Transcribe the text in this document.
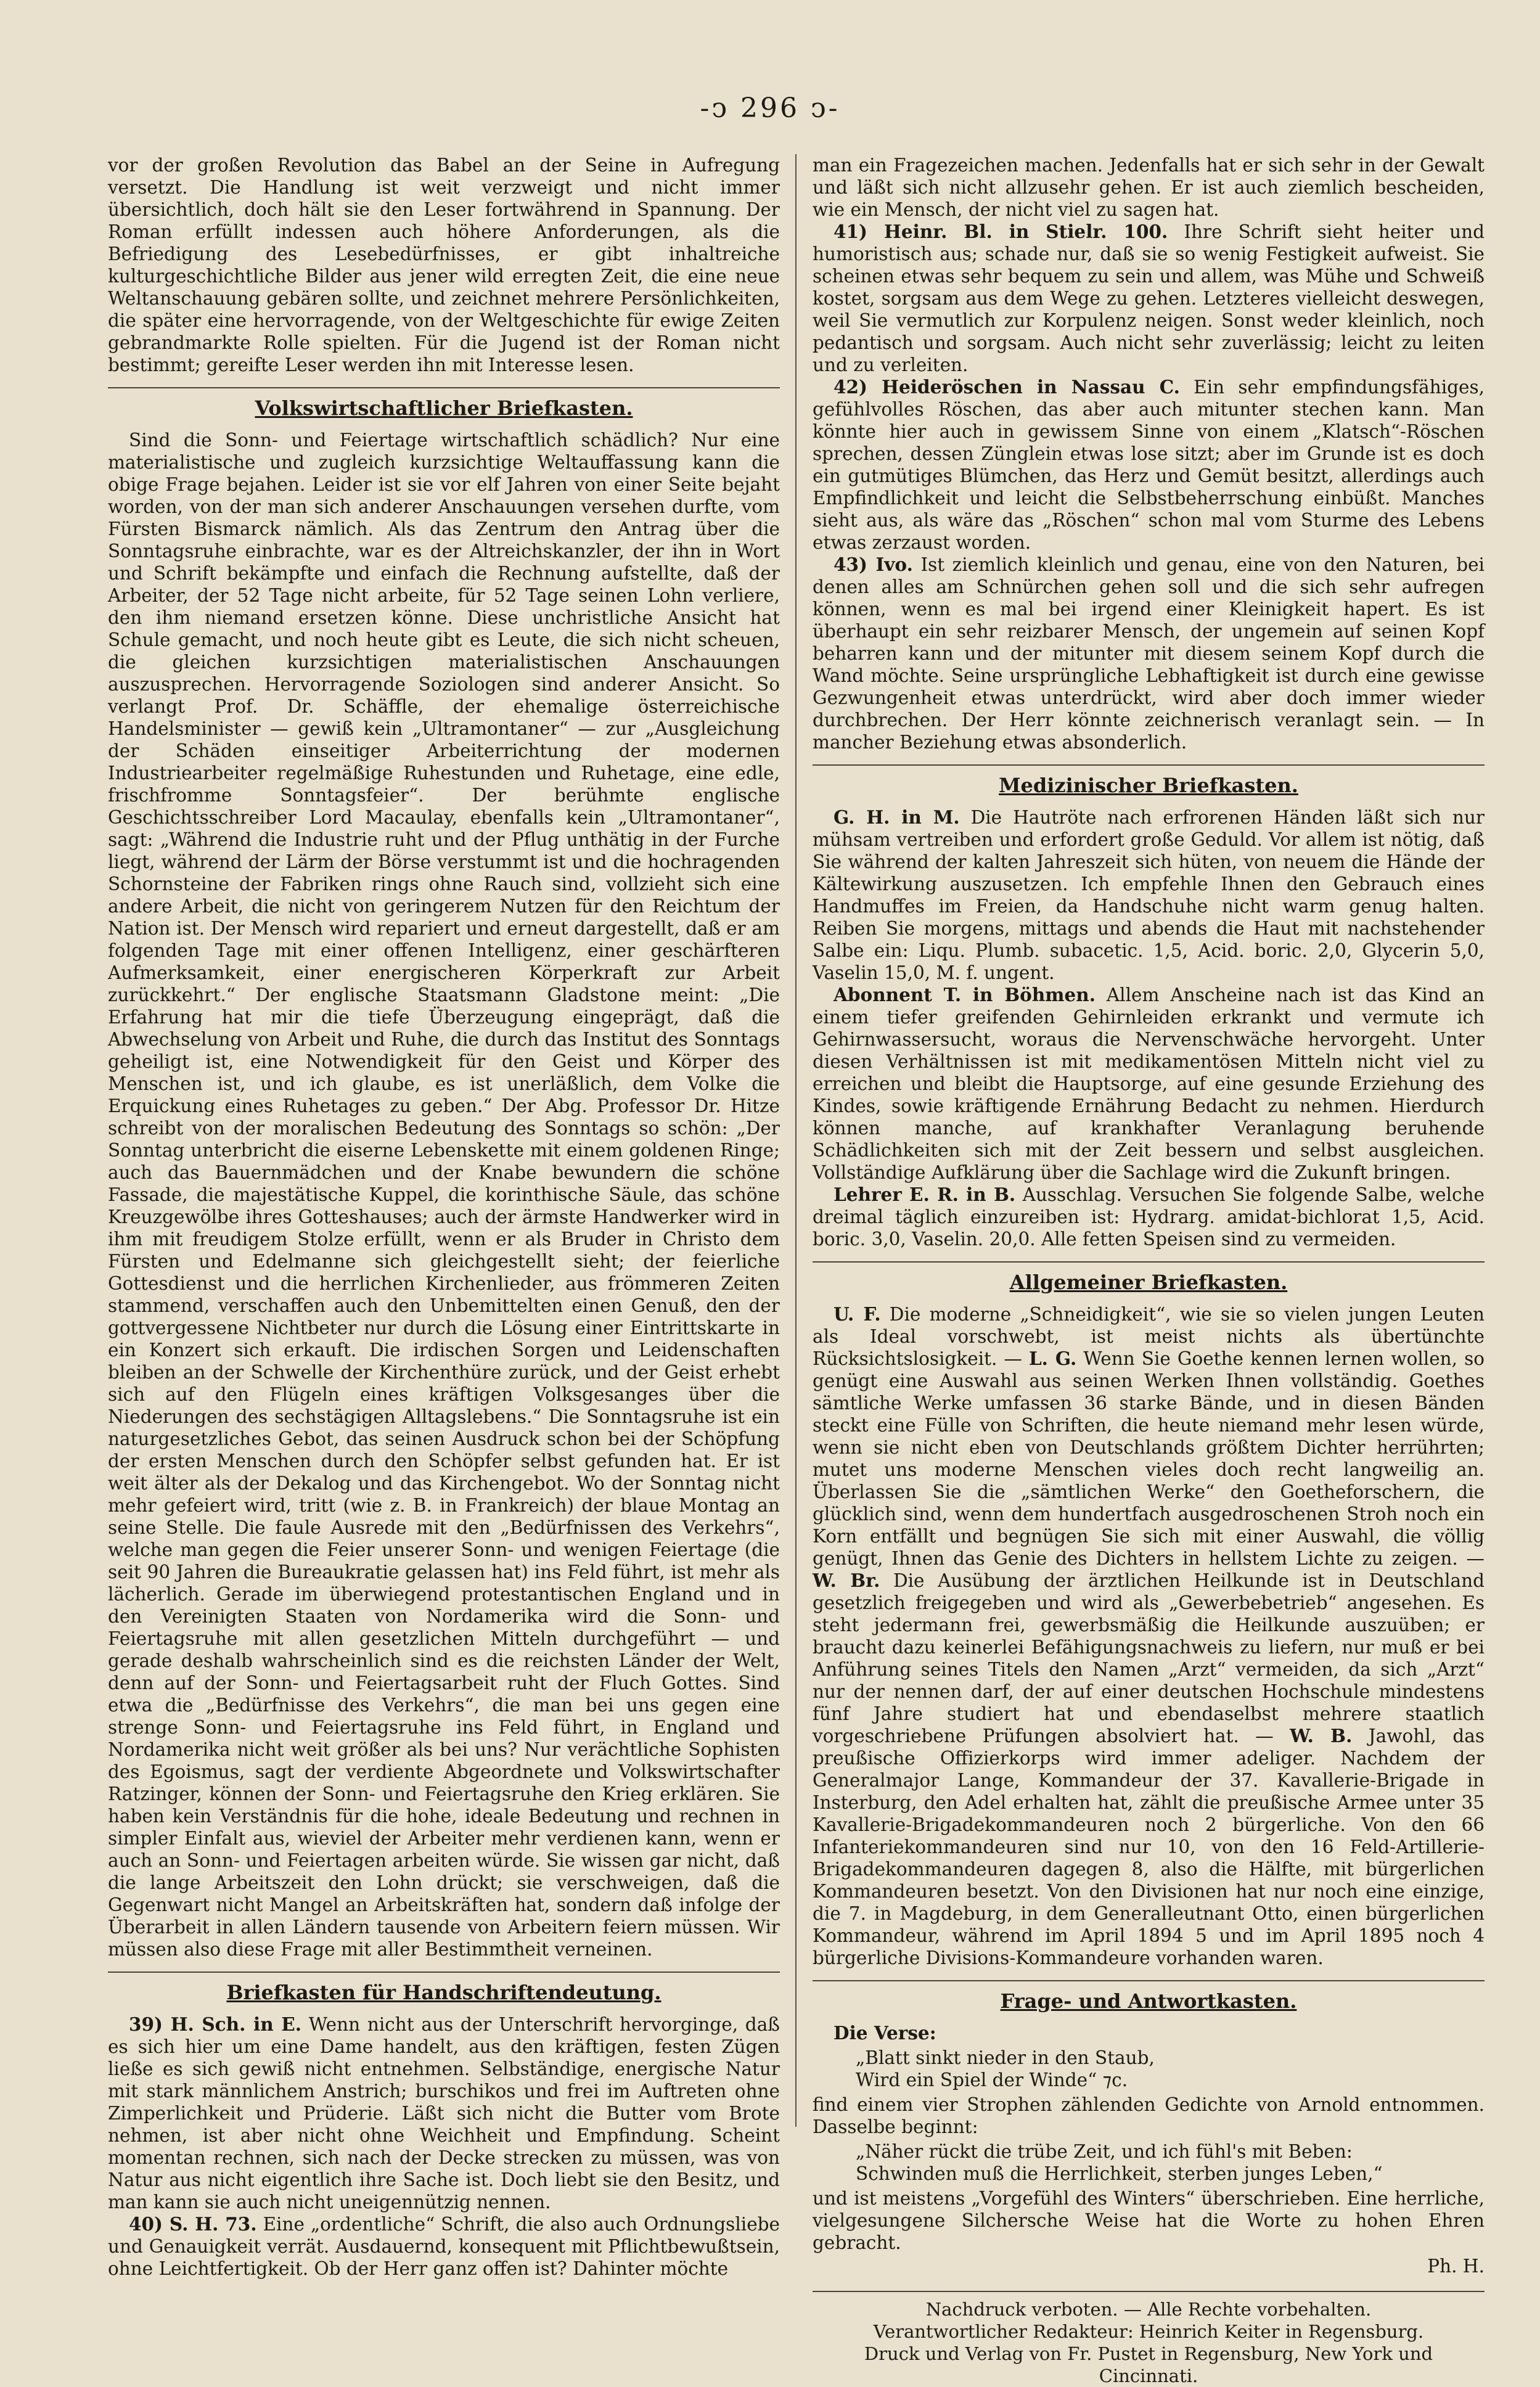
-ↄ 296 ↄ-

vor der großen Revolution das Babel an der Seine in Aufregung versetzt. Die Handlung ist weit verzweigt und nicht immer übersichtlich, doch hält sie den Leser fortwährend in Spannung. Der Roman erfüllt indessen auch höhere Anforderungen, als die Befriedigung des Lesebedürfnisses, er gibt inhaltreiche kulturgeschichtliche Bilder aus jener wild erregten Zeit, die eine neue Weltanschauung gebären sollte, und zeichnet mehrere Persönlichkeiten, die später eine hervorragende, von der Weltgeschichte für ewige Zeiten gebrandmarkte Rolle spielten. Für die Jugend ist der Roman nicht bestimmt; gereifte Leser werden ihn mit Interesse lesen.

Volkswirtschaftlicher Briefkasten.

Sind die Sonn- und Feiertage wirtschaftlich schädlich? Nur eine materialistische und zugleich kurzsichtige Weltauffassung kann die obige Frage bejahen. Leider ist sie vor elf Jahren von einer Seite bejaht worden, von der man sich anderer Anschauungen versehen durfte, vom Fürsten Bismarck nämlich. Als das Zentrum den Antrag über die Sonntagsruhe einbrachte, war es der Altreichskanzler, der ihn in Wort und Schrift bekämpfte und einfach die Rechnung aufstellte, daß der Arbeiter, der 52 Tage nicht arbeite, für 52 Tage seinen Lohn verliere, den ihm niemand ersetzen könne. Diese unchristliche Ansicht hat Schule gemacht, und noch heute gibt es Leute, die sich nicht scheuen, die gleichen kurzsichtigen materialistischen Anschauungen auszusprechen. Hervorragende Soziologen sind anderer Ansicht. So verlangt Prof. Dr. Schäffle, der ehemalige österreichische Handelsminister — gewiß kein „Ultramontaner“ — zur „Ausgleichung der Schäden einseitiger Arbeiterrichtung der modernen Industriearbeiter regelmäßige Ruhestunden und Ruhetage, eine edle, frischfromme Sonntagsfeier“. Der berühmte englische Geschichtsschreiber Lord Macaulay, ebenfalls kein „Ultramontaner“, sagt: „Während die Industrie ruht und der Pflug unthätig in der Furche liegt, während der Lärm der Börse verstummt ist und die hochragenden Schornsteine der Fabriken rings ohne Rauch sind, vollzieht sich eine andere Arbeit, die nicht von geringerem Nutzen für den Reichtum der Nation ist. Der Mensch wird repariert und erneut dargestellt, daß er am folgenden Tage mit einer offenen Intelligenz, einer geschärfteren Aufmerksamkeit, einer energischeren Körperkraft zur Arbeit zurückkehrt.“ Der englische Staatsmann Gladstone meint: „Die Erfahrung hat mir die tiefe Überzeugung eingeprägt, daß die Abwechselung von Arbeit und Ruhe, die durch das Institut des Sonntags geheiligt ist, eine Notwendigkeit für den Geist und Körper des Menschen ist, und ich glaube, es ist unerläßlich, dem Volke die Erquickung eines Ruhetages zu geben.“ Der Abg. Professor Dr. Hitze schreibt von der moralischen Bedeutung des Sonntags so schön: „Der Sonntag unterbricht die eiserne Lebenskette mit einem goldenen Ringe; auch das Bauernmädchen und der Knabe bewundern die schöne Fassade, die majestätische Kuppel, die korinthische Säule, das schöne Kreuzgewölbe ihres Gotteshauses; auch der ärmste Handwerker wird in ihm mit freudigem Stolze erfüllt, wenn er als Bruder in Christo dem Fürsten und Edelmanne sich gleichgestellt sieht; der feierliche Gottesdienst und die herrlichen Kirchenlieder, aus frömmeren Zeiten stammend, verschaffen auch den Unbemittelten einen Genuß, den der gottvergessene Nichtbeter nur durch die Lösung einer Eintrittskarte in ein Konzert sich erkauft. Die irdischen Sorgen und Leidenschaften bleiben an der Schwelle der Kirchenthüre zurück, und der Geist erhebt sich auf den Flügeln eines kräftigen Volksgesanges über die Niederungen des sechstägigen Alltagslebens.“ Die Sonntagsruhe ist ein naturgesetzliches Gebot, das seinen Ausdruck schon bei der Schöpfung der ersten Menschen durch den Schöpfer selbst gefunden hat. Er ist weit älter als der Dekalog und das Kirchengebot. Wo der Sonntag nicht mehr gefeiert wird, tritt (wie z. B. in Frankreich) der blaue Montag an seine Stelle. Die faule Ausrede mit den „Bedürfnissen des Verkehrs“, welche man gegen die Feier unserer Sonn- und wenigen Feiertage (die seit 90 Jahren die Bureaukratie gelassen hat) ins Feld führt, ist mehr als lächerlich. Gerade im überwiegend protestantischen England und in den Vereinigten Staaten von Nordamerika wird die Sonn- und Feiertagsruhe mit allen gesetzlichen Mitteln durchgeführt — und gerade deshalb wahrscheinlich sind es die reichsten Länder der Welt, denn auf der Sonn- und Feiertagsarbeit ruht der Fluch Gottes. Sind etwa die „Bedürfnisse des Verkehrs“, die man bei uns gegen eine strenge Sonn- und Feiertagsruhe ins Feld führt, in England und Nordamerika nicht weit größer als bei uns? Nur verächtliche Sophisten des Egoismus, sagt der verdiente Abgeordnete und Volkswirtschafter Ratzinger, können der Sonn- und Feiertagsruhe den Krieg erklären. Sie haben kein Verständnis für die hohe, ideale Bedeutung und rechnen in simpler Einfalt aus, wieviel der Arbeiter mehr verdienen kann, wenn er auch an Sonn- und Feiertagen arbeiten würde. Sie wissen gar nicht, daß die lange Arbeitszeit den Lohn drückt; sie verschweigen, daß die Gegenwart nicht Mangel an Arbeitskräften hat, sondern daß infolge der Überarbeit in allen Ländern tausende von Arbeitern feiern müssen. Wir müssen also diese Frage mit aller Bestimmtheit verneinen.

Briefkasten für Handschriftendeutung.

39) H. Sch. in E. Wenn nicht aus der Unterschrift hervorginge, daß es sich hier um eine Dame handelt, aus den kräftigen, festen Zügen ließe es sich gewiß nicht entnehmen. Selbständige, energische Natur mit stark männlichem Anstrich; burschikos und frei im Auftreten ohne Zimperlichkeit und Prüderie. Läßt sich nicht die Butter vom Brote nehmen, ist aber nicht ohne Weichheit und Empfindung. Scheint momentan rechnen, sich nach der Decke strecken zu müssen, was von Natur aus nicht eigentlich ihre Sache ist. Doch liebt sie den Besitz, und man kann sie auch nicht uneigennützig nennen.

40) S. H. 73. Eine „ordentliche“ Schrift, die also auch Ordnungsliebe und Genauigkeit verrät. Ausdauernd, konsequent mit Pflichtbewußtsein, ohne Leichtfertigkeit. Ob der Herr ganz offen ist? Dahinter möchte

man ein Fragezeichen machen. Jedenfalls hat er sich sehr in der Gewalt und läßt sich nicht allzusehr gehen. Er ist auch ziemlich bescheiden, wie ein Mensch, der nicht viel zu sagen hat.

41) Heinr. Bl. in Stielr. 100. Ihre Schrift sieht heiter und humoristisch aus; schade nur, daß sie so wenig Festigkeit aufweist. Sie scheinen etwas sehr bequem zu sein und allem, was Mühe und Schweiß kostet, sorgsam aus dem Wege zu gehen. Letzteres vielleicht deswegen, weil Sie vermutlich zur Korpulenz neigen. Sonst weder kleinlich, noch pedantisch und sorgsam. Auch nicht sehr zuverlässig; leicht zu leiten und zu verleiten.

42) Heideröschen in Nassau C. Ein sehr empfindungsfähiges, gefühlvolles Röschen, das aber auch mitunter stechen kann. Man könnte hier auch in gewissem Sinne von einem „Klatsch“-Röschen sprechen, dessen Zünglein etwas lose sitzt; aber im Grunde ist es doch ein gutmütiges Blümchen, das Herz und Gemüt besitzt, allerdings auch Empfindlichkeit und leicht die Selbstbeherrschung einbüßt. Manches sieht aus, als wäre das „Röschen“ schon mal vom Sturme des Lebens etwas zerzaust worden.

43) Ivo. Ist ziemlich kleinlich und genau, eine von den Naturen, bei denen alles am Schnürchen gehen soll und die sich sehr aufregen können, wenn es mal bei irgend einer Kleinigkeit hapert. Es ist überhaupt ein sehr reizbarer Mensch, der ungemein auf seinen Kopf beharren kann und der mitunter mit diesem seinem Kopf durch die Wand möchte. Seine ursprüngliche Lebhaftigkeit ist durch eine gewisse Gezwungenheit etwas unterdrückt, wird aber doch immer wieder durchbrechen. Der Herr könnte zeichnerisch veranlagt sein. — In mancher Beziehung etwas absonderlich.

Medizinischer Briefkasten.

G. H. in M. Die Hautröte nach erfrorenen Händen läßt sich nur mühsam vertreiben und erfordert große Geduld. Vor allem ist nötig, daß Sie während der kalten Jahreszeit sich hüten, von neuem die Hände der Kältewirkung auszusetzen. Ich empfehle Ihnen den Gebrauch eines Handmuffes im Freien, da Handschuhe nicht warm genug halten. Reiben Sie morgens, mittags und abends die Haut mit nachstehender Salbe ein: Liqu. Plumb. subacetic. 1,5, Acid. boric. 2,0, Glycerin 5,0, Vaselin 15,0, M. f. ungent.

Abonnent T. in Böhmen. Allem Anscheine nach ist das Kind an einem tiefer greifenden Gehirnleiden erkrankt und vermute ich Gehirnwassersucht, woraus die Nervenschwäche hervorgeht. Unter diesen Verhältnissen ist mit medikamentösen Mitteln nicht viel zu erreichen und bleibt die Hauptsorge, auf eine gesunde Erziehung des Kindes, sowie kräftigende Ernährung Bedacht zu nehmen. Hierdurch können manche, auf krankhafter Veranlagung beruhende Schädlichkeiten sich mit der Zeit bessern und selbst ausgleichen. Vollständige Aufklärung über die Sachlage wird die Zukunft bringen.

Lehrer E. R. in B. Ausschlag. Versuchen Sie folgende Salbe, welche dreimal täglich einzureiben ist: Hydrarg. amidat-bichlorat 1,5, Acid. boric. 3,0, Vaselin. 20,0. Alle fetten Speisen sind zu vermeiden.

Allgemeiner Briefkasten.

U. F. Die moderne „Schneidigkeit“, wie sie so vielen jungen Leuten als Ideal vorschwebt, ist meist nichts als übertünchte Rücksichtslosigkeit. — L. G. Wenn Sie Goethe kennen lernen wollen, so genügt eine Auswahl aus seinen Werken Ihnen vollständig. Goethes sämtliche Werke umfassen 36 starke Bände, und in diesen Bänden steckt eine Fülle von Schriften, die heute niemand mehr lesen würde, wenn sie nicht eben von Deutschlands größtem Dichter herrührten; mutet uns moderne Menschen vieles doch recht langweilig an. Überlassen Sie die „sämtlichen Werke“ den Goetheforschern, die glücklich sind, wenn dem hundertfach ausgedroschenen Stroh noch ein Korn entfällt und begnügen Sie sich mit einer Auswahl, die völlig genügt, Ihnen das Genie des Dichters in hellstem Lichte zu zeigen. — W. Br. Die Ausübung der ärztlichen Heilkunde ist in Deutschland gesetzlich freigegeben und wird als „Gewerbebetrieb“ angesehen. Es steht jedermann frei, gewerbsmäßig die Heilkunde auszuüben; er braucht dazu keinerlei Befähigungsnachweis zu liefern, nur muß er bei Anführung seines Titels den Namen „Arzt“ vermeiden, da sich „Arzt“ nur der nennen darf, der auf einer deutschen Hochschule mindestens fünf Jahre studiert hat und ebendaselbst mehrere staatlich vorgeschriebene Prüfungen absolviert hat. — W. B. Jawohl, das preußische Offizierkorps wird immer adeliger. Nachdem der Generalmajor Lange, Kommandeur der 37. Kavallerie-Brigade in Insterburg, den Adel erhalten hat, zählt die preußische Armee unter 35 Kavallerie-Brigadekommandeuren noch 2 bürgerliche. Von den 66 Infanteriekommandeuren sind nur 10, von den 16 Feld-Artillerie-Brigadekommandeuren dagegen 8, also die Hälfte, mit bürgerlichen Kommandeuren besetzt. Von den Divisionen hat nur noch eine einzige, die 7. in Magdeburg, in dem Generalleutnant Otto, einen bürgerlichen Kommandeur, während im April 1894 5 und im April 1895 noch 4 bürgerliche Divisions-Kommandeure vorhanden waren.

Frage- und Antwortkasten.

Die Verse:

„Blatt sinkt nieder in den Staub,
Wird ein Spiel der Winde“ ⁊c.

find einem vier Strophen zählenden Gedichte von Arnold entnommen. Dasselbe beginnt:

„Näher rückt die trübe Zeit, und ich fühl's mit Beben:
Schwinden muß die Herrlichkeit, sterben junges Leben,“

und ist meistens „Vorgefühl des Winters“ überschrieben. Eine herrliche, vielgesungene Silchersche Weise hat die Worte zu hohen Ehren gebracht.

Ph. H.
Nachdruck verboten. — Alle Rechte vorbehalten.
Verantwortlicher Redakteur: Heinrich Keiter in Regensburg.
Druck und Verlag von Fr. Pustet in Regensburg, New York und Cincinnati.
